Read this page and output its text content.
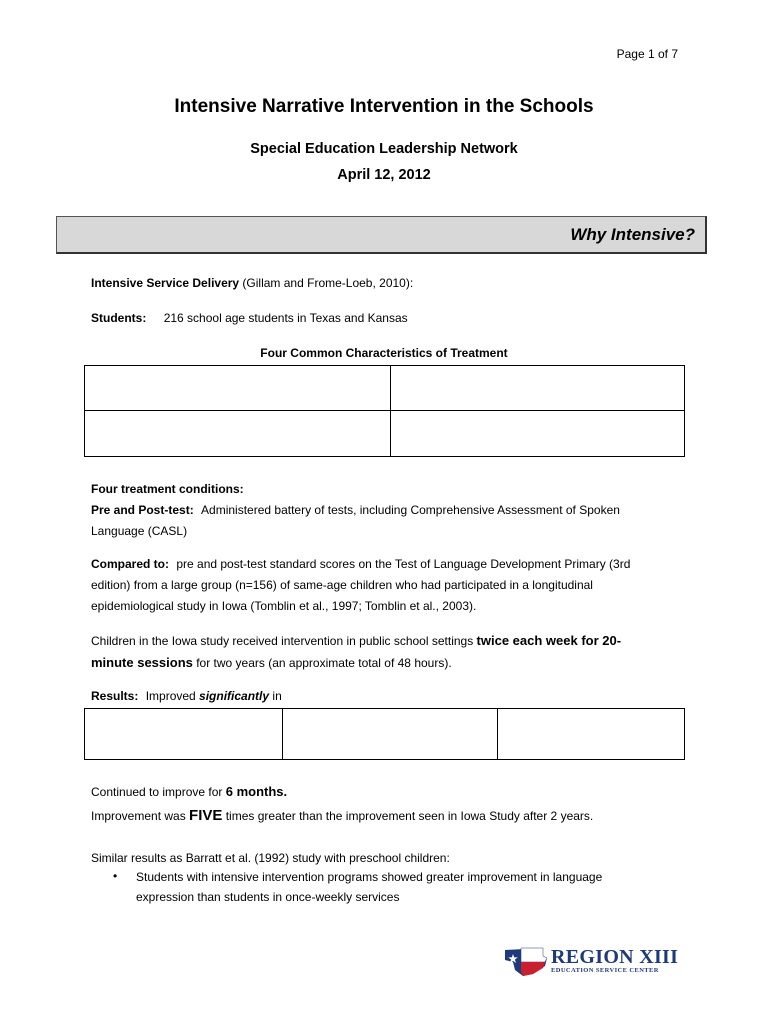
Page 1 of 7
Intensive Narrative Intervention in the Schools
Special Education Leadership Network
April 12, 2012
Why Intensive?
Intensive Service Delivery (Gillam and Frome-Loeb, 2010):
Students: 216 school age students in Texas and Kansas
Four Common Characteristics of Treatment

Four treatment conditions:
Pre and Post-test: Administered battery of tests, including Comprehensive Assessment of Spoken
Language (CASL)
Compared to: pre and post-test standard scores on the Test of Language Development Primary (3rd
edition) from a large group (n=156) of same-age children who had participated in a longitudinal
epidemiological study in Iowa (Tomblin et al., 1997; Tomblin et al., 2003).
Children in the Iowa study received intervention in public school settings twice each week for 20-
minute sessions for two years (an approximate total of 48 hours).
Results: Improved significantly in

Continued to improve for 6 months.
Improvement was FIVE times greater than the improvement seen in Iowa Study after 2 years.
Similar results as Barratt et al. (1992) study with preschool children:
• Students with intensive intervention programs showed greater improvement in language
expression than students in once-weekly services
REGION XIII
EDUCATION SERVICE CENTER
